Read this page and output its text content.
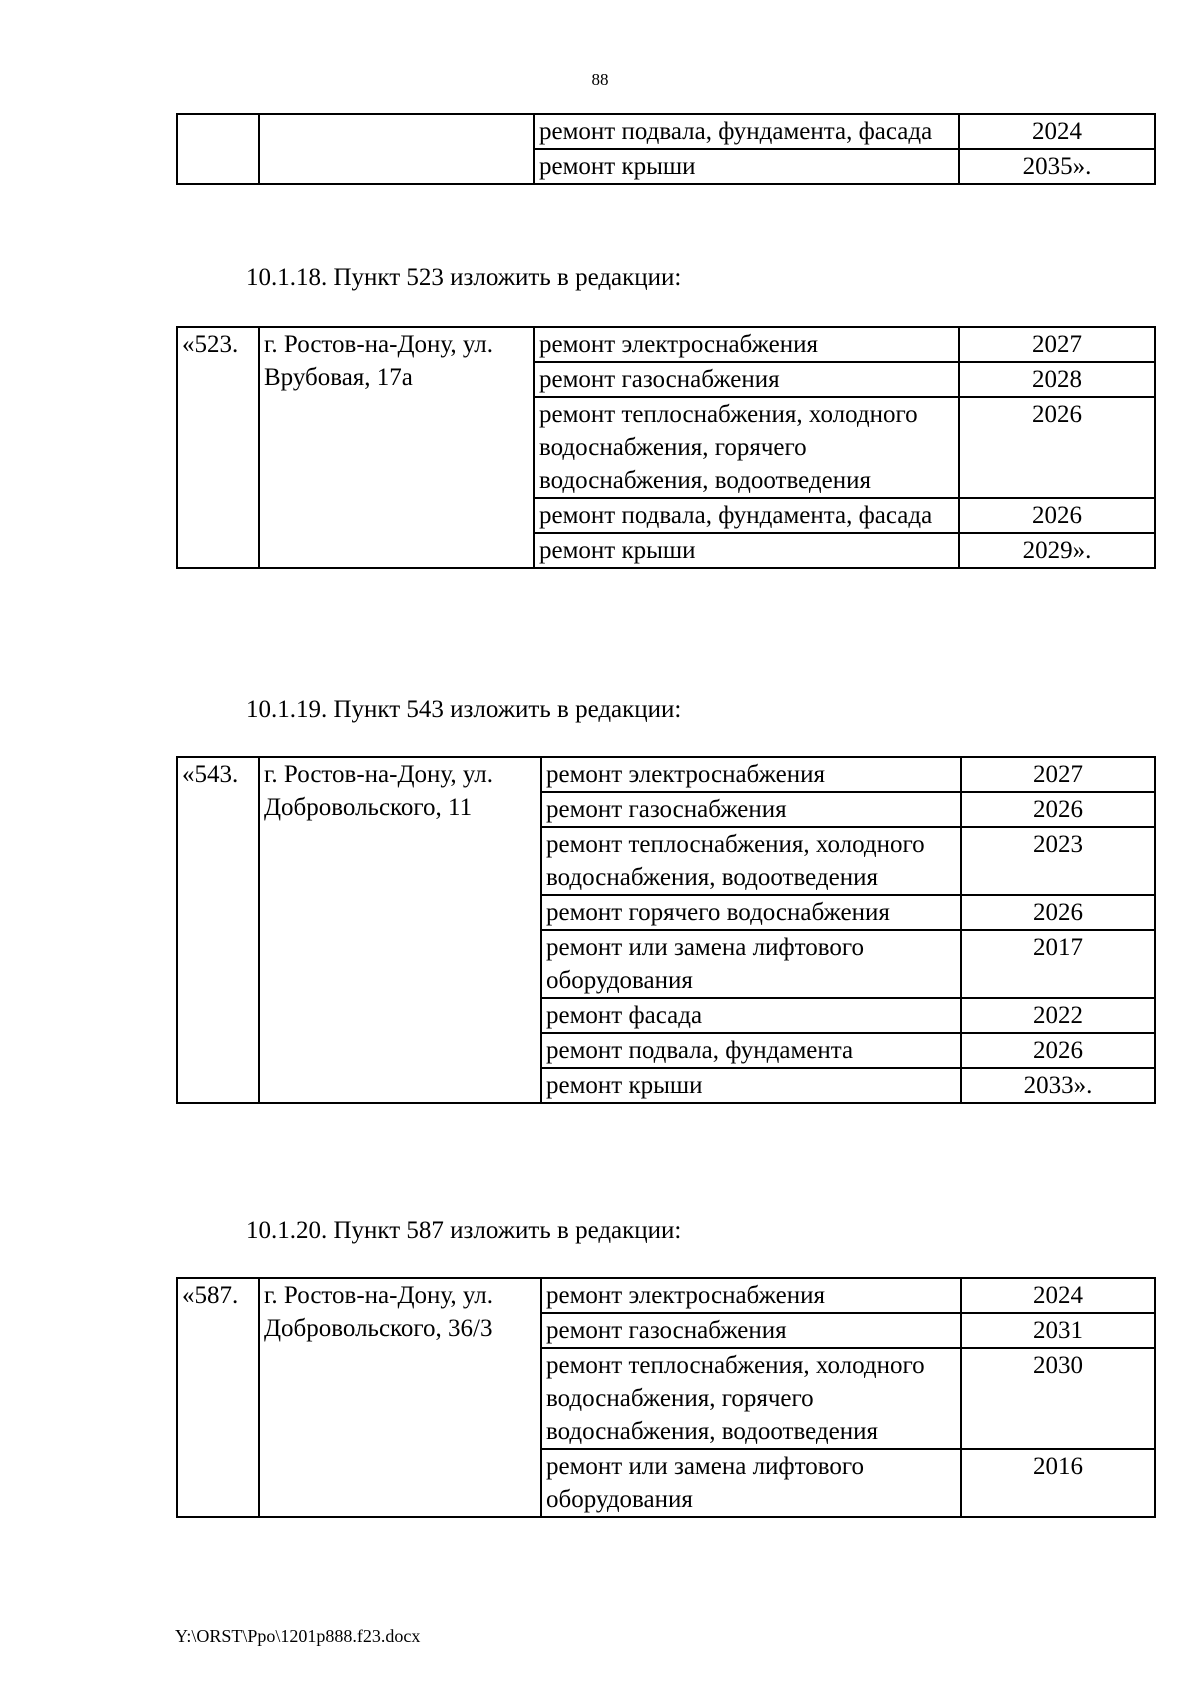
88
		ремонт подвала, фундамента, фасада	2024
		ремонт крыши	2035».
10.1.18. Пункт 523 изложить в редакции:
«523.	г. Ростов-на-Дону, ул. Врубовая, 17а	ремонт электроснабжения	2027
		ремонт газоснабжения	2028
		ремонт теплоснабжения, холодного водоснабжения, горячего водоснабжения, водоотведения	2026
		ремонт подвала, фундамента, фасада	2026
		ремонт крыши	2029».
10.1.19. Пункт 543 изложить в редакции:
«543.	г. Ростов-на-Дону, ул. Добровольского, 11	ремонт электроснабжения	2027
		ремонт газоснабжения	2026
		ремонт теплоснабжения, холодного водоснабжения, водоотведения	2023
		ремонт горячего водоснабжения	2026
		ремонт или замена лифтового оборудования	2017
		ремонт фасада	2022
		ремонт подвала, фундамента	2026
		ремонт крыши	2033».
10.1.20. Пункт 587 изложить в редакции:
«587.	г. Ростов-на-Дону, ул. Добровольского, 36/3	ремонт электроснабжения	2024
		ремонт газоснабжения	2031
		ремонт теплоснабжения, холодного водоснабжения, горячего водоснабжения, водоотведения	2030
		ремонт или замена лифтового оборудования	2016
Y:\ORST\Ppo\1201p888.f23.docx
